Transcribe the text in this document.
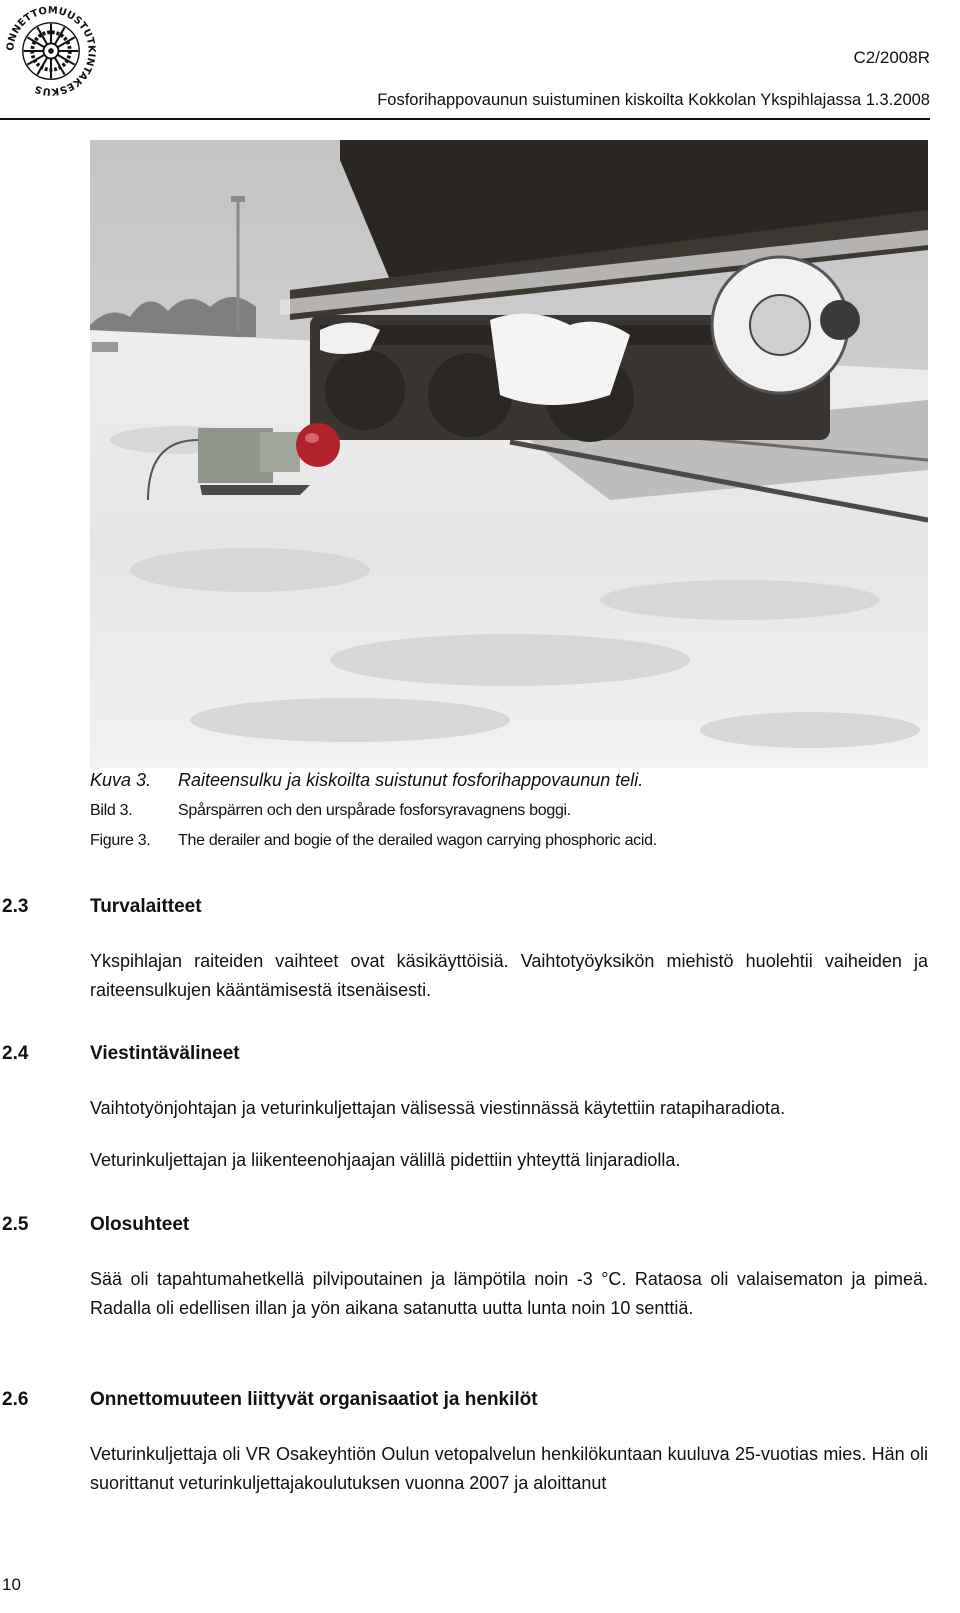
ONNETTOMUUSTUTKINTAKESKUS
C2/2008R
Fosforihappovaunun suistuminen kiskoilta Kokkolan Ykspihlajassa 1.3.2008
Kuva 3. Raiteensulku ja kiskoilta suistunut fosforihappovaunun teli.
Bild 3.	Spårspärren och den urspårade fosforsyravagnens boggi.
Figure 3. The derailer and bogie of the derailed wagon carrying phosphoric acid.
2.3	Turvalaitteet
Ykspihlajan raiteiden vaihteet ovat käsikäyttöisiä. Vaihtotyöyksikön miehistö huolehtii vaiheiden ja raiteensulkujen kääntämisestä itsenäisesti.
2.4	Viestintävälineet
Vaihtotyönjohtajan ja veturinkuljettajan välisessä viestinnässä käytettiin ratapiharadiota.
Veturinkuljettajan ja liikenteenohjaajan välillä pidettiin yhteyttä linjaradiolla.
2.5	Olosuhteet
Sää oli tapahtumahetkellä pilvipoutainen ja lämpötila noin -3 °C. Rataosa oli valaisematon ja pimeä. Radalla oli edellisen illan ja yön aikana satanutta uutta lunta noin 10 senttiä.
2.6	Onnettomuuteen liittyvät organisaatiot ja henkilöt
Veturinkuljettaja oli VR Osakeyhtiön Oulun vetopalvelun henkilökuntaan kuuluva 25-vuotias mies. Hän oli suorittanut veturinkuljettajakoulutuksen vuonna 2007 ja aloittanut
10
